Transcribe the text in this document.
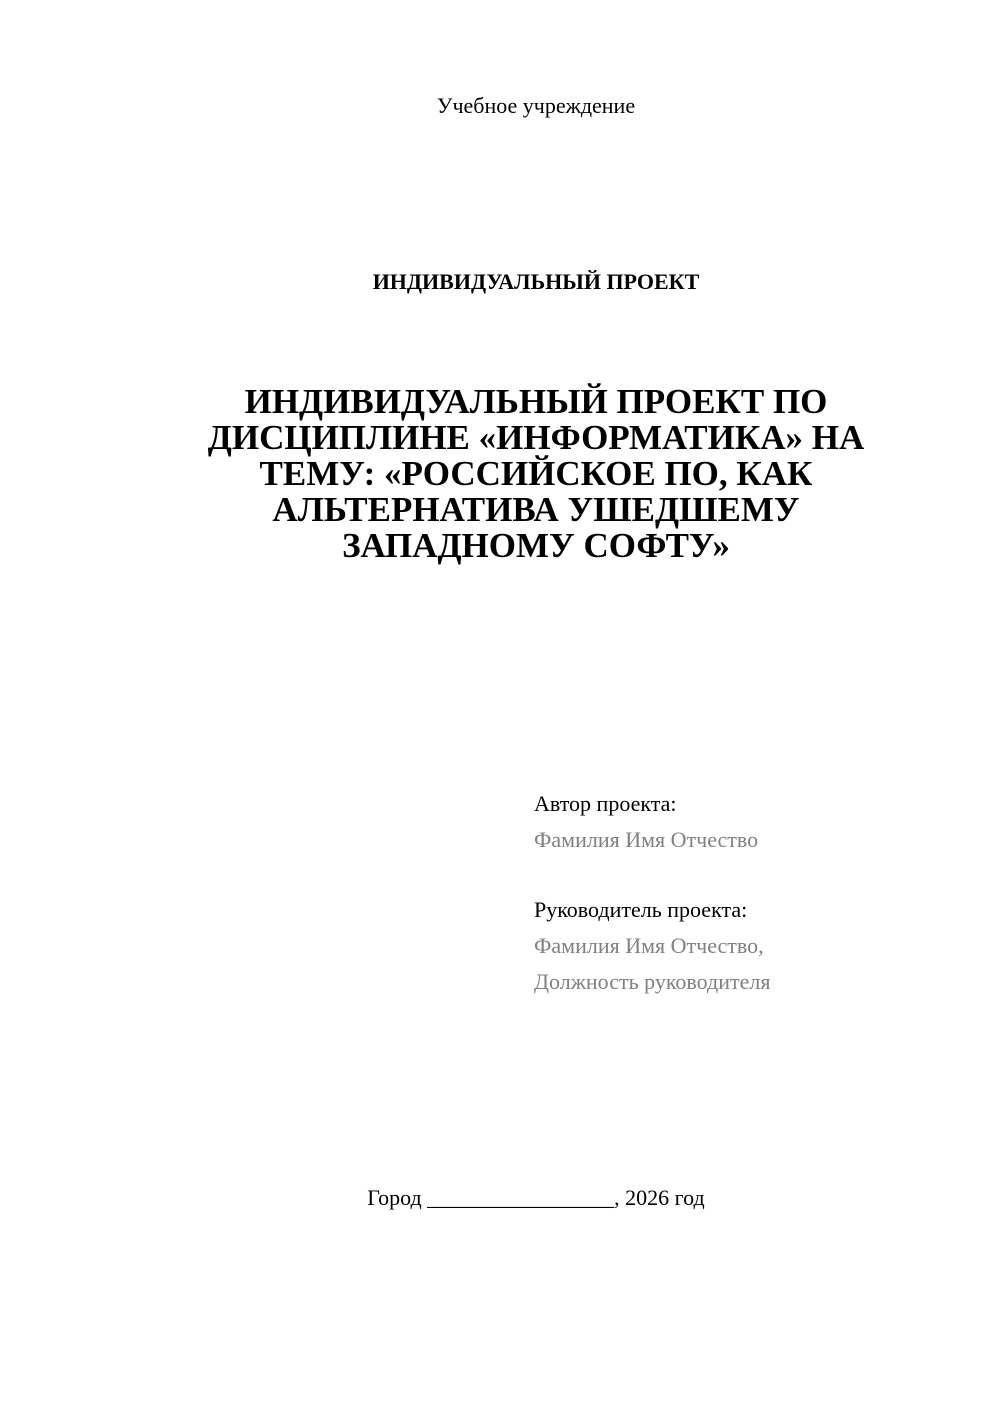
Учебное учреждение
ИНДИВИДУАЛЬНЫЙ ПРОЕКТ
ИНДИВИДУАЛЬНЫЙ ПРОЕКТ ПО
ДИСЦИПЛИНЕ «ИНФОРМАТИКА» НА
ТЕМУ: «РОССИЙСКОЕ ПО, КАК
АЛЬТЕРНАТИВА УШЕДШЕМУ
ЗАПАДНОМУ СОФТУ»
Автор проекта:
Фамилия Имя Отчество
Руководитель проекта:
Фамилия Имя Отчество,
Должность руководителя
Город _________________, 2026 год
